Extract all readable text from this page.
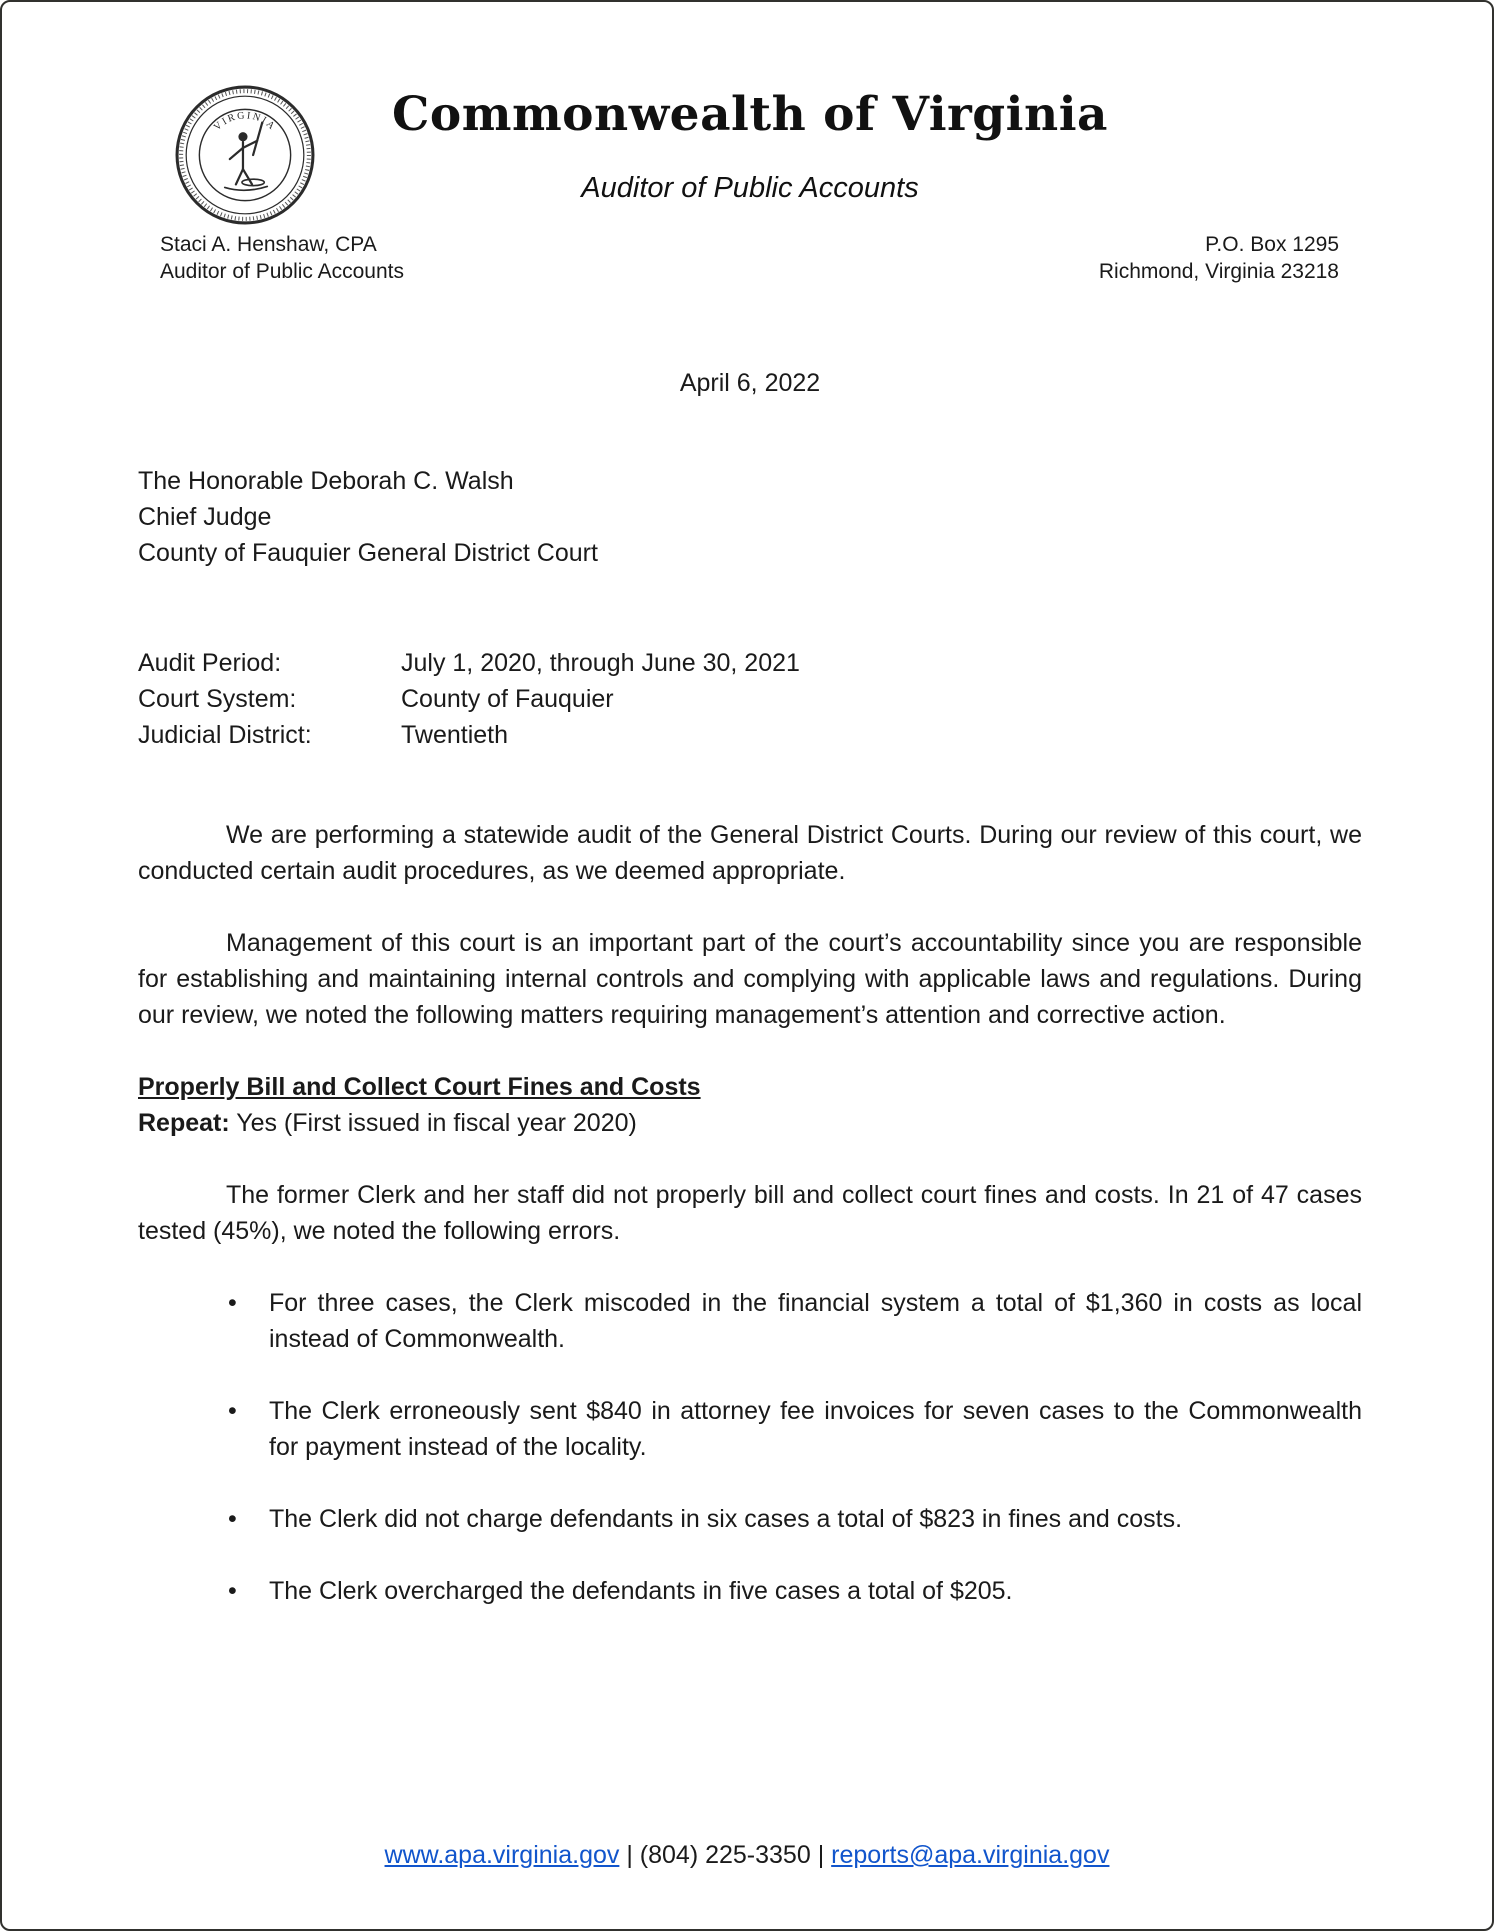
VIRGINIA	Commonwealth of Virginia
Auditor of Public Accounts
Staci A. Henshaw, CPA
Auditor of Public Accounts
P.O. Box 1295
Richmond, Virginia 23218
April 6, 2022
The Honorable Deborah C. Walsh
Chief Judge
County of Fauquier General District Court
Audit Period:	July 1, 2020, through June 30, 2021
Court System:	County of Fauquier
Judicial District:	Twentieth

We are performing a statewide audit of the General District Courts. During our review of this court, we conducted certain audit procedures, as we deemed appropriate.

Management of this court is an important part of the court’s accountability since you are responsible for establishing and maintaining internal controls and complying with applicable laws and regulations. During our review, we noted the following matters requiring management’s attention and corrective action.

Properly Bill and Collect Court Fines and Costs
Repeat: Yes (First issued in fiscal year 2020)

The former Clerk and her staff did not properly bill and collect court fines and costs. In 21 of 47 cases tested (45%), we noted the following errors.

• For three cases, the Clerk miscoded in the financial system a total of $1,360 in costs as local instead of Commonwealth.
• The Clerk erroneously sent $840 in attorney fee invoices for seven cases to the Commonwealth for payment instead of the locality.
• The Clerk did not charge defendants in six cases a total of $823 in fines and costs.
• The Clerk overcharged the defendants in five cases a total of $205.
www.apa.virginia.gov | (804) 225-3350 | reports@apa.virginia.gov
